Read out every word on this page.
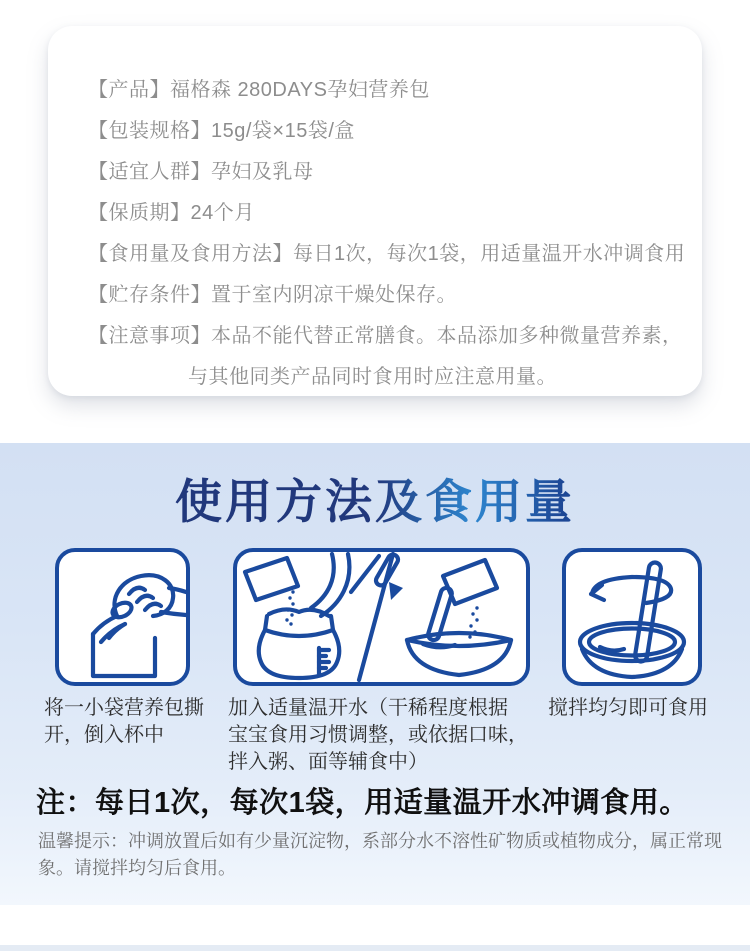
【产品】福格森 280DAYS孕妇营养包
【包装规格】15g/袋×15袋/盒
【适宜人群】孕妇及乳母
【保质期】24个月
【食用量及食用方法】每日1次，每次1袋，用适量温开水冲调食用
【贮存条件】置于室内阴凉干燥处保存。
【注意事项】本品不能代替正常膳食。本品添加多种微量营养素，
与其他同类产品同时食用时应注意用量。
使用方法及食用量
将一小袋营养包撕
开，倒入杯中
加入适量温开水（干稀程度根据
宝宝食用习惯调整，或依据口味，
拌入粥、面等辅食中）
搅拌均匀即可食用
注：每日1次，每次1袋，用适量温开水冲调食用。
温馨提示：冲调放置后如有少量沉淀物，系部分水不溶性矿物质或植物成分，属正常现
象。请搅拌均匀后食用。
